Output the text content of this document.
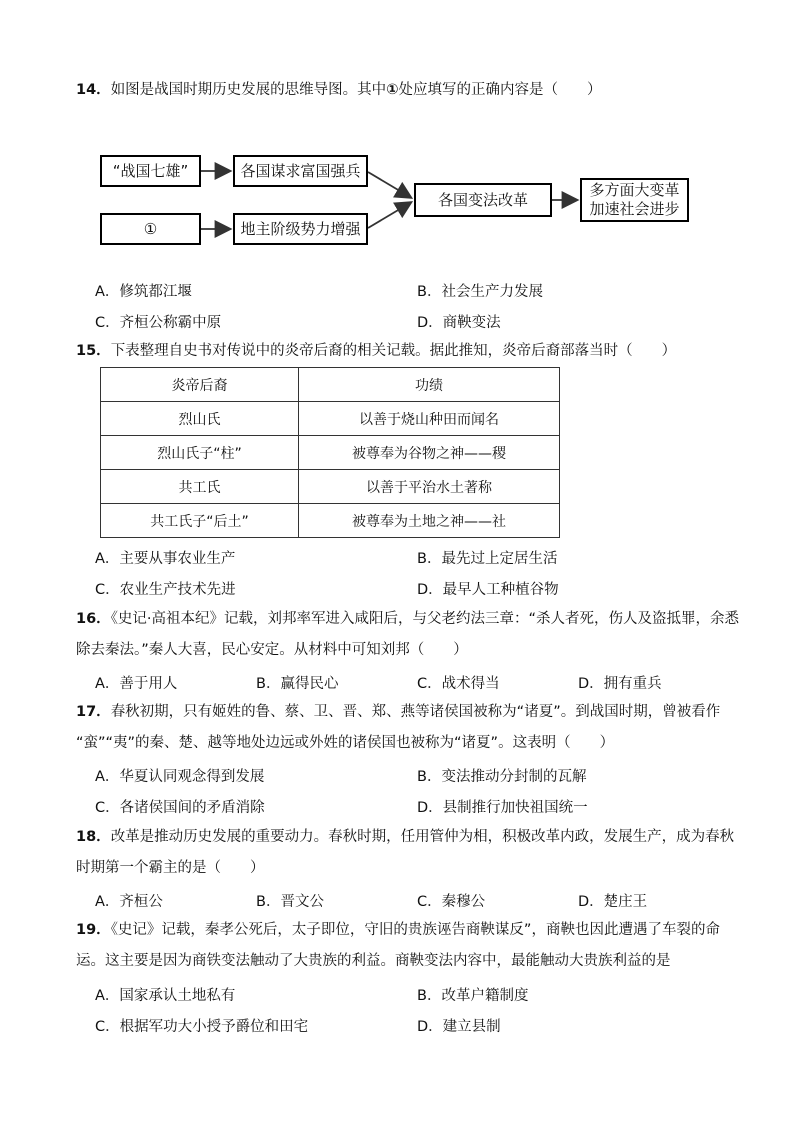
14．如图是战国时期历史发展的思维导图。其中①处应填写的正确内容是（　　）
“战国七雄”	各国谋求富国强兵
①	地主阶级势力增强
各国变法改革
多方面大变革
加速社会进步
A．修筑都江堰	B．社会生产力发展
C．齐桓公称霸中原	D．商鞅变法
15．下表整理自史书对传说中的炎帝后裔的相关记载。据此推知，炎帝后裔部落当时（　　）
炎帝后裔	功绩
烈山氏	以善于烧山种田而闻名
烈山氏子“柱”	被尊奉为谷物之神——稷
共工氏	以善于平治水土著称
共工氏子“后土”	被尊奉为土地之神——社
A．主要从事农业生产	B．最先过上定居生活
C．农业生产技术先进	D．最早人工种植谷物
16．《史记·高祖本纪》记载，刘邦率军进入咸阳后，与父老约法三章：“杀人者死，伤人及盗抵罪，余悉
除去秦法。”秦人大喜，民心安定。从材料中可知刘邦（　　）
A．善于用人	B．赢得民心	C．战术得当	D．拥有重兵
17．春秋初期，只有姬姓的鲁、蔡、卫、晋、郑、燕等诸侯国被称为“诸夏”。到战国时期，曾被看作
“蛮”“夷”的秦、楚、越等地处边远或外姓的诸侯国也被称为“诸夏”。这表明（　　）
A．华夏认同观念得到发展	B．变法推动分封制的瓦解
C．各诸侯国间的矛盾消除	D．县制推行加快祖国统一
18．改革是推动历史发展的重要动力。春秋时期，任用管仲为相，积极改革内政，发展生产，成为春秋
时期第一个霸主的是（　　）
A．齐桓公	B．晋文公	C．秦穆公	D．楚庄王
19．《史记》记载，秦孝公死后，太子即位，守旧的贵族诬告商鞅谋反”，商鞅也因此遭遇了车裂的命
运。这主要是因为商铁变法触动了大贵族的利益。商鞅变法内容中，最能触动大贵族利益的是
A．国家承认土地私有	B．改革户籍制度
C．根据军功大小授予爵位和田宅	D．建立县制
